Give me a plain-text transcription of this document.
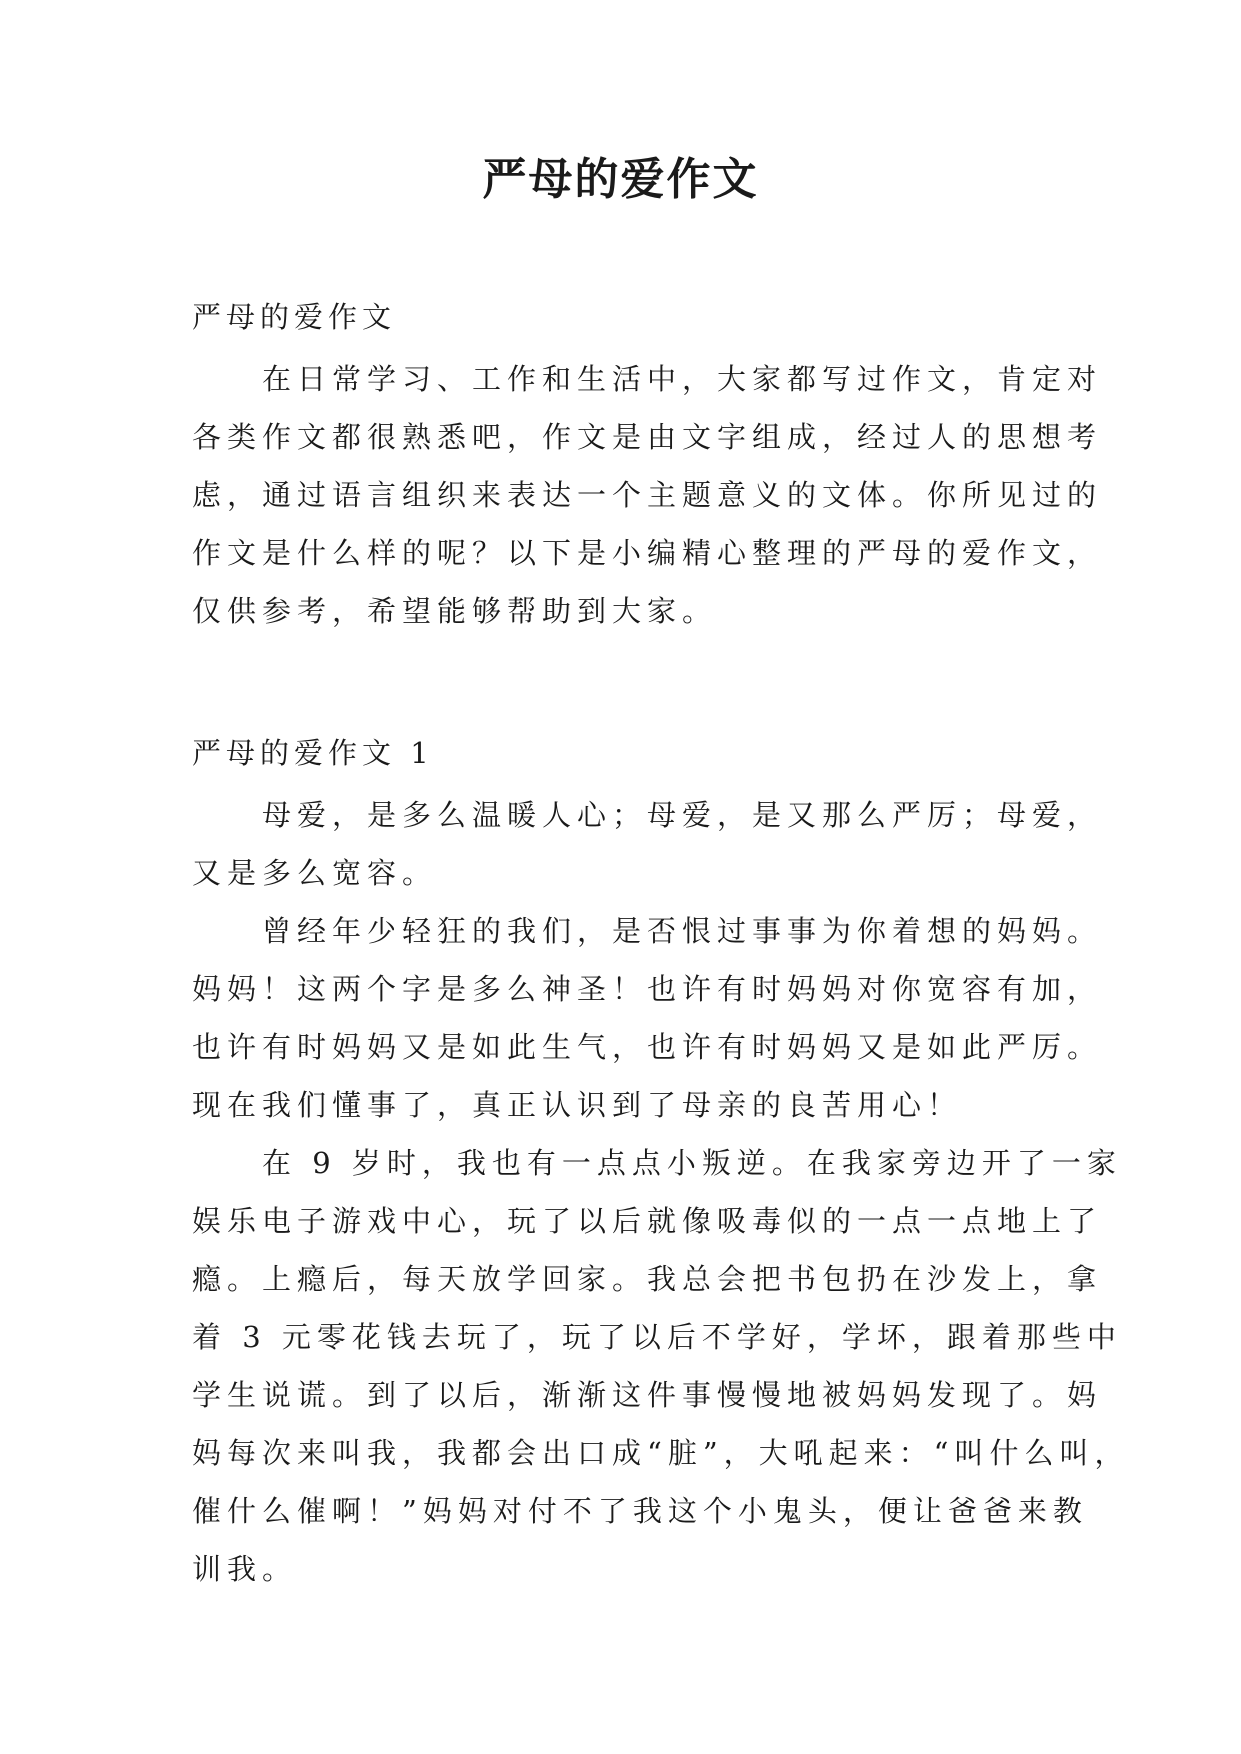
严母的爱作文

严母的爱作文

在日常学习、工作和生活中，大家都写过作文，肯定对
各类作文都很熟悉吧，作文是由文字组成，经过人的思想考
虑，通过语言组织来表达一个主题意义的文体。你所见过的
作文是什么样的呢？以下是小编精心整理的严母的爱作文，
仅供参考，希望能够帮助到大家。

严母的爱作文 1

母爱，是多么温暖人心；母爱，是又那么严厉；母爱，
又是多么宽容。

曾经年少轻狂的我们，是否恨过事事为你着想的妈妈。
妈妈！这两个字是多么神圣！也许有时妈妈对你宽容有加，
也许有时妈妈又是如此生气，也许有时妈妈又是如此严厉。
现在我们懂事了，真正认识到了母亲的良苦用心！

在 9 岁时，我也有一点点小叛逆。在我家旁边开了一家
娱乐电子游戏中心，玩了以后就像吸毒似的一点一点地上了
瘾。上瘾后，每天放学回家。我总会把书包扔在沙发上，拿
着 3 元零花钱去玩了，玩了以后不学好，学坏，跟着那些中
学生说谎。到了以后，渐渐这件事慢慢地被妈妈发现了。妈
妈每次来叫我，我都会出口成“脏”，大吼起来：“叫什么叫，
催什么催啊！”妈妈对付不了我这个小鬼头，便让爸爸来教
训我。
